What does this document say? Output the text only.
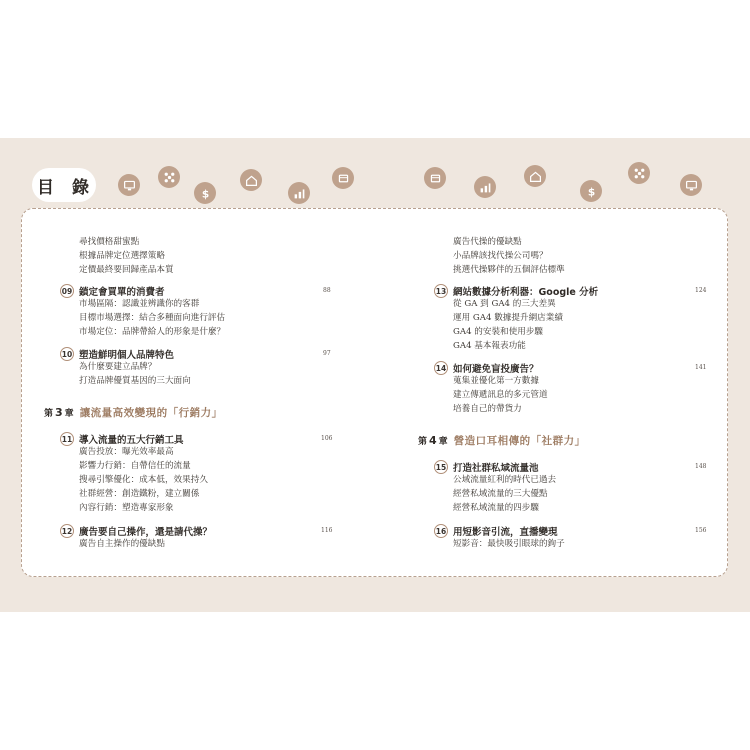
目 錄	$	$
尋找價格甜蜜點
根據品牌定位選擇策略
定價最終要回歸產品本質
09 鎖定會買單的消費者	88
市場區隔：認識並辨識你的客群
目標市場選擇：結合多種面向進行評估
市場定位：品牌帶給人的形象是什麼？
10 塑造鮮明個人品牌特色	97
為什麼要建立品牌？
打造品牌優質基因的三大面向
第 3 章 讓流量高效變現的「行銷力」
11 導入流量的五大行銷工具	106
廣告投放：曝光效率最高
影響力行銷：自帶信任的流量
搜尋引擎優化：成本低，效果持久
社群經營：創造鐵粉，建立關係
內容行銷：塑造專家形象
12 廣告要自己操作，還是請代操？	116
廣告自主操作的優缺點
廣告代操的優缺點
小品牌該找代操公司嗎？
挑選代操夥伴的五個評估標準
13 網站數據分析利器：Google 分析	124
從 GA 到 GA4 的三大差異
運用 GA4 數據提升網店業績
GA4 的安裝和使用步驟
GA4 基本報表功能
14 如何避免盲投廣告？	141
蒐集並優化第一方數據
建立傳遞訊息的多元管道
培養自己的帶貨力
第 4 章 營造口耳相傳的「社群力」
15 打造社群私域流量池	148
公域流量紅利的時代已過去
經營私域流量的三大優點
經營私域流量的四步驟
16 用短影音引流，直播變現	156
短影音：最快吸引眼球的鉤子
